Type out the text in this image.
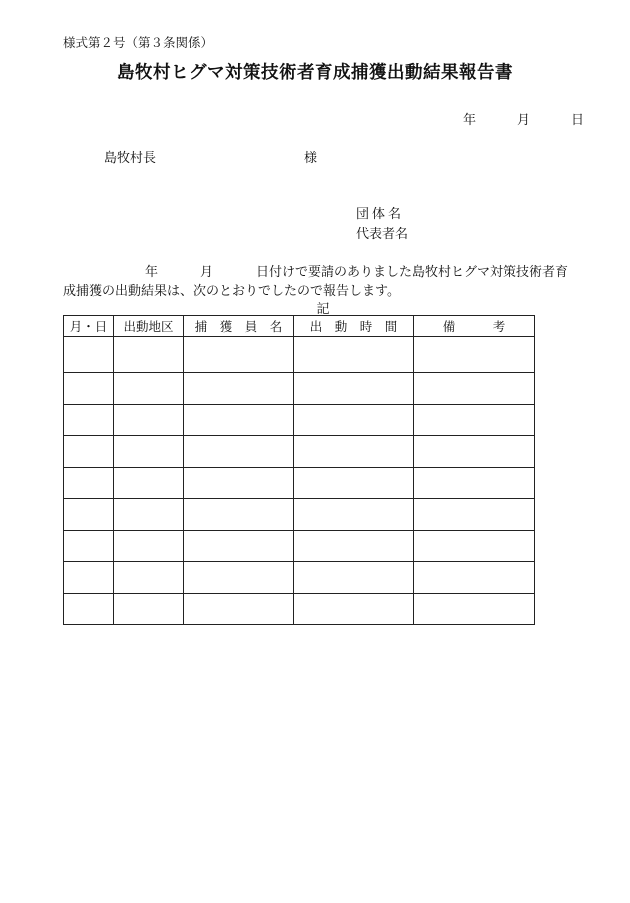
様式第２号（第３条関係）
島牧村ヒグマ対策技術者育成捕獲出動結果報告書
年	月	日
島牧村長	様
団体名
代表者名
年	月	日付けで要請のありました島牧村ヒグマ対策技術者育
成捕獲の出動結果は、次のとおりでしたので報告します。
記
月・日	出動地区	捕　獲　員　名	出　動　時　間	備　　　考
